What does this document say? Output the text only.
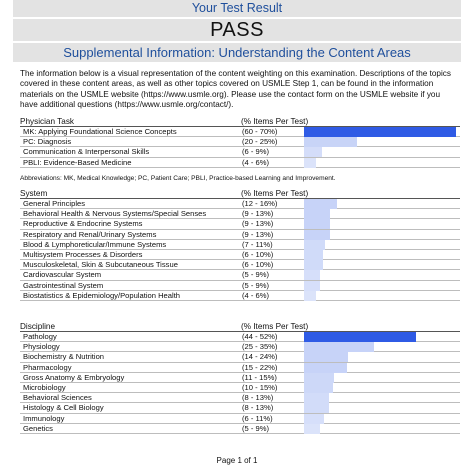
Your Test Result
PASS
Supplemental Information: Understanding the Content Areas
The information below is a visual representation of the content weighting on this examination. Descriptions of the topics covered in these content areas, as well as other topics covered on USMLE Step 1, can be found in the information materials on the USMLE website (https://www.usmle.org). Please use the contact form on the USMLE website if you have additional questions (https://www.usmle.org/contact/).
Physician Task	(% Items Per Test)
MK: Applying Foundational Science Concepts	(60 - 70%)
PC: Diagnosis	(20 - 25%)
Communication & Interpersonal Skills	(6 - 9%)
PBLI: Evidence-Based Medicine	(4 - 6%)
Abbreviations: MK, Medical Knowledge; PC, Patient Care; PBLI, Practice-based Learning and Improvement.
System	(% Items Per Test)
General Principles	(12 - 16%)
Behavioral Health & Nervous Systems/Special Senses	(9 - 13%)
Reproductive & Endocrine Systems	(9 - 13%)
Respiratory and Renal/Urinary Systems	(9 - 13%)
Blood & Lymphoreticular/Immune Systems	(7 - 11%)
Multisystem Processes & Disorders	(6 - 10%)
Musculoskeletal, Skin & Subcutaneous Tissue	(6 - 10%)
Cardiovascular System	(5 - 9%)
Gastrointestinal System	(5 - 9%)
Biostatistics & Epidemiology/Population Health	(4 - 6%)
Discipline	(% Items Per Test)
Pathology	(44 - 52%)
Physiology	(25 - 35%)
Biochemistry & Nutrition	(14 - 24%)
Pharmacology	(15 - 22%)
Gross Anatomy & Embryology	(11 - 15%)
Microbiology	(10 - 15%)
Behavioral Sciences	(8 - 13%)
Histology & Cell Biology	(8 - 13%)
Immunology	(6 - 11%)
Genetics	(5 - 9%)
Page 1 of 1
